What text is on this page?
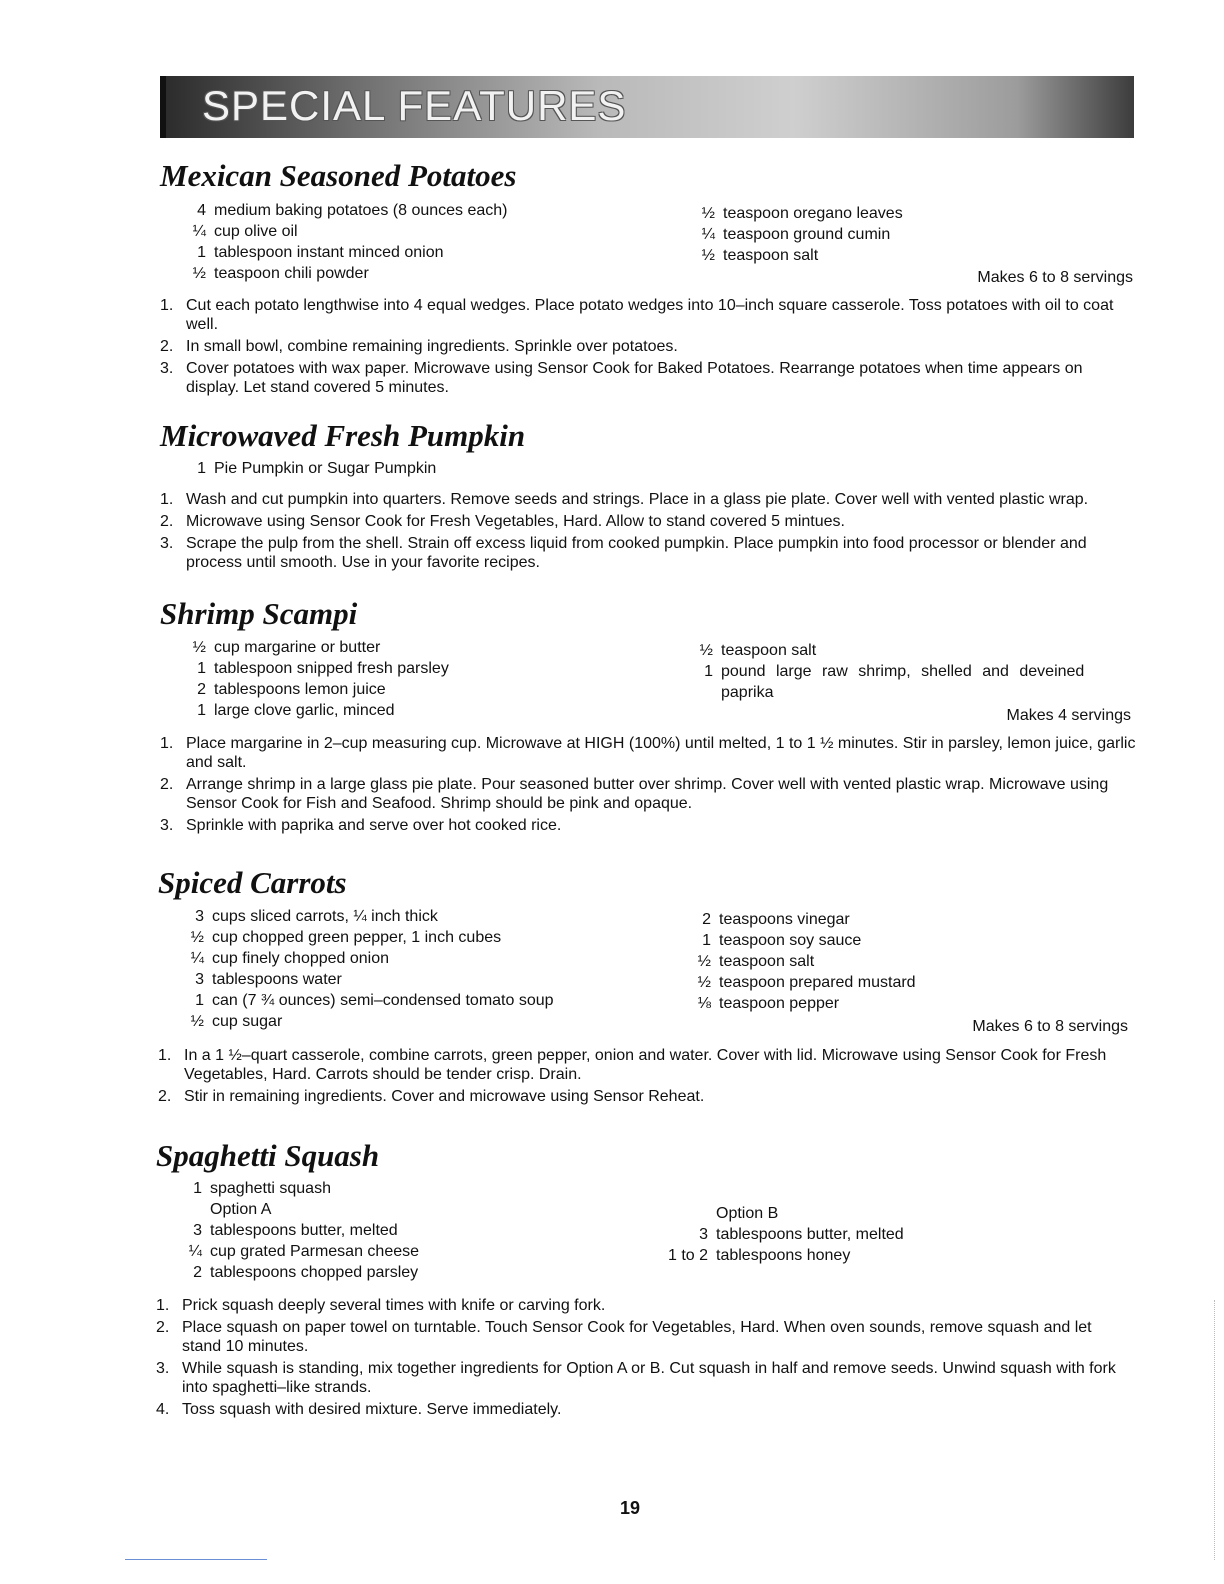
SPECIAL FEATURES
Mexican Seasoned Potatoes
4 medium baking potatoes (8 ounces each)
¼ cup olive oil
1 tablespoon instant minced onion
½ teaspoon chili powder
½ teaspoon oregano leaves
¼ teaspoon ground cumin
½ teaspoon salt
Makes 6 to 8 servings
1. Cut each potato lengthwise into 4 equal wedges. Place potato wedges into 10–inch square casserole. Toss potatoes with oil to coat well.
2. In small bowl, combine remaining ingredients. Sprinkle over potatoes.
3. Cover potatoes with wax paper. Microwave using Sensor Cook for Baked Potatoes. Rearrange potatoes when time appears on display. Let stand covered 5 minutes.
Microwaved Fresh Pumpkin
1 Pie Pumpkin or Sugar Pumpkin
1. Wash and cut pumpkin into quarters. Remove seeds and strings. Place in a glass pie plate. Cover well with vented plastic wrap.
2. Microwave using Sensor Cook for Fresh Vegetables, Hard. Allow to stand covered 5 mintues.
3. Scrape the pulp from the shell. Strain off excess liquid from cooked pumpkin. Place pumpkin into food processor or blender and process until smooth. Use in your favorite recipes.
Shrimp Scampi
½ cup margarine or butter
1 tablespoon snipped fresh parsley
2 tablespoons lemon juice
1 large clove garlic, minced
½ teaspoon salt
1 pound large raw shrimp, shelled and deveined
paprika
Makes 4 servings
1. Place margarine in 2–cup measuring cup. Microwave at HIGH (100%) until melted, 1 to 1 ½ minutes. Stir in parsley, lemon juice, garlic and salt.
2. Arrange shrimp in a large glass pie plate. Pour seasoned butter over shrimp. Cover well with vented plastic wrap. Microwave using Sensor Cook for Fish and Seafood. Shrimp should be pink and opaque.
3. Sprinkle with paprika and serve over hot cooked rice.
Spiced Carrots
3 cups sliced carrots, ¼ inch thick
½ cup chopped green pepper, 1 inch cubes
¼ cup finely chopped onion
3 tablespoons water
1 can (7 ¾ ounces) semi–condensed tomato soup
½ cup sugar
2 teaspoons vinegar
1 teaspoon soy sauce
½ teaspoon salt
½ teaspoon prepared mustard
⅛ teaspoon pepper
Makes 6 to 8 servings
1. In a 1 ½–quart casserole, combine carrots, green pepper, onion and water. Cover with lid. Microwave using Sensor Cook for Fresh Vegetables, Hard. Carrots should be tender crisp. Drain.
2. Stir in remaining ingredients. Cover and microwave using Sensor Reheat.
Spaghetti Squash
1 spaghetti squash
Option A
3 tablespoons butter, melted
¼ cup grated Parmesan cheese
2 tablespoons chopped parsley
Option B
3 tablespoons butter, melted
1 to 2 tablespoons honey
1. Prick squash deeply several times with knife or carving fork.
2. Place squash on paper towel on turntable. Touch Sensor Cook for Vegetables, Hard. When oven sounds, remove squash and let stand 10 minutes.
3. While squash is standing, mix together ingredients for Option A or B. Cut squash in half and remove seeds. Unwind squash with fork into spaghetti–like strands.
4. Toss squash with desired mixture. Serve immediately.
19
